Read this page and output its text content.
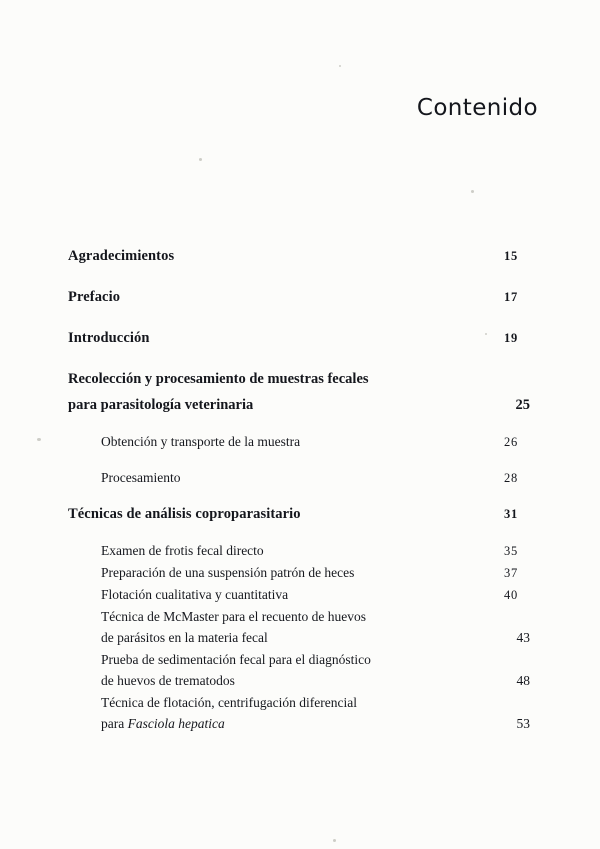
Contenido
Agradecimientos	15
Prefacio	17
Introducción	19
Recolección y procesamiento de muestras fecales
para parasitología veterinaria	25
Obtención y transporte de la muestra	26
Procesamiento	28
Técnicas de análisis coproparasitario	31
Examen de frotis fecal directo	35
Preparación de una suspensión patrón de heces	37
Flotación cualitativa y cuantitativa	40
Técnica de McMaster para el recuento de huevos
de parásitos en la materia fecal	43
Prueba de sedimentación fecal para el diagnóstico
de huevos de trematodos	48
Técnica de flotación, centrifugación diferencial
para Fasciola hepatica	53
